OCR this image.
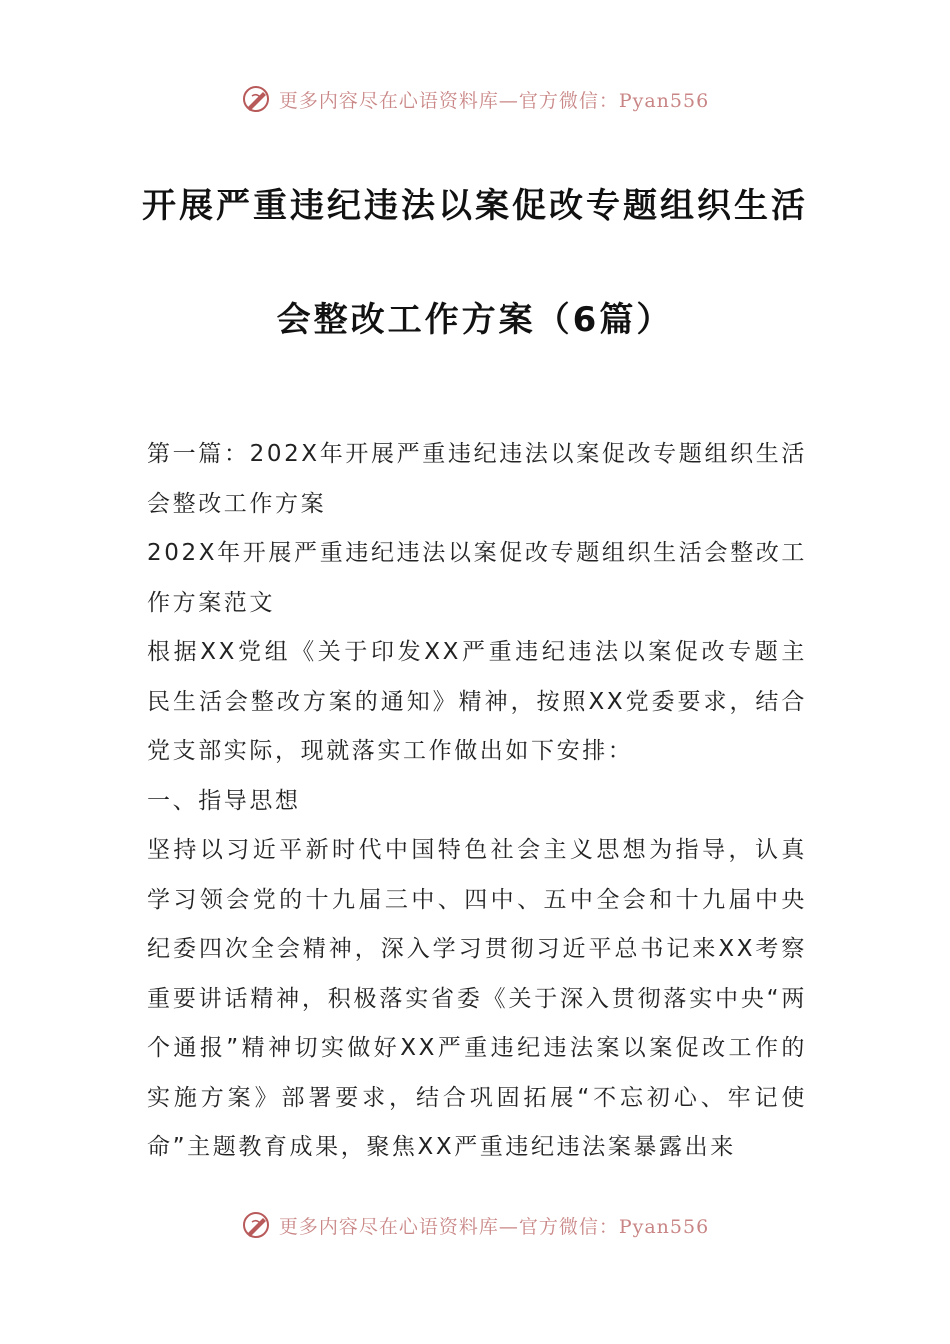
更多内容尽在心语资料库—官方微信：Pyan556
开展严重违纪违法以案促改专题组织生活
会整改工作方案（6篇）

第一篇：202X年开展严重违纪违法以案促改专题组织生活会整改工作方案

202X年开展严重违纪违法以案促改专题组织生活会整改工作方案范文

根据XX党组《关于印发XX严重违纪违法以案促改专题主民生活会整改方案的通知》精神，按照XX党委要求，结合党支部实际，现就落实工作做出如下安排：

一、指导思想

坚持以习近平新时代中国特色社会主义思想为指导，认真学习领会党的十九届三中、四中、五中全会和十九届中央纪委四次全会精神，深入学习贯彻习近平总书记来XX考察重要讲话精神，积极落实省委《关于深入贯彻落实中央“两个通报”精神切实做好XX严重违纪违法案以案促改工作的实施方案》部署要求，结合巩固拓展“不忘初心、牢记使命”主题教育成果，聚焦XX严重违纪违法案暴露出来

更多内容尽在心语资料库—官方微信：Pyan556
